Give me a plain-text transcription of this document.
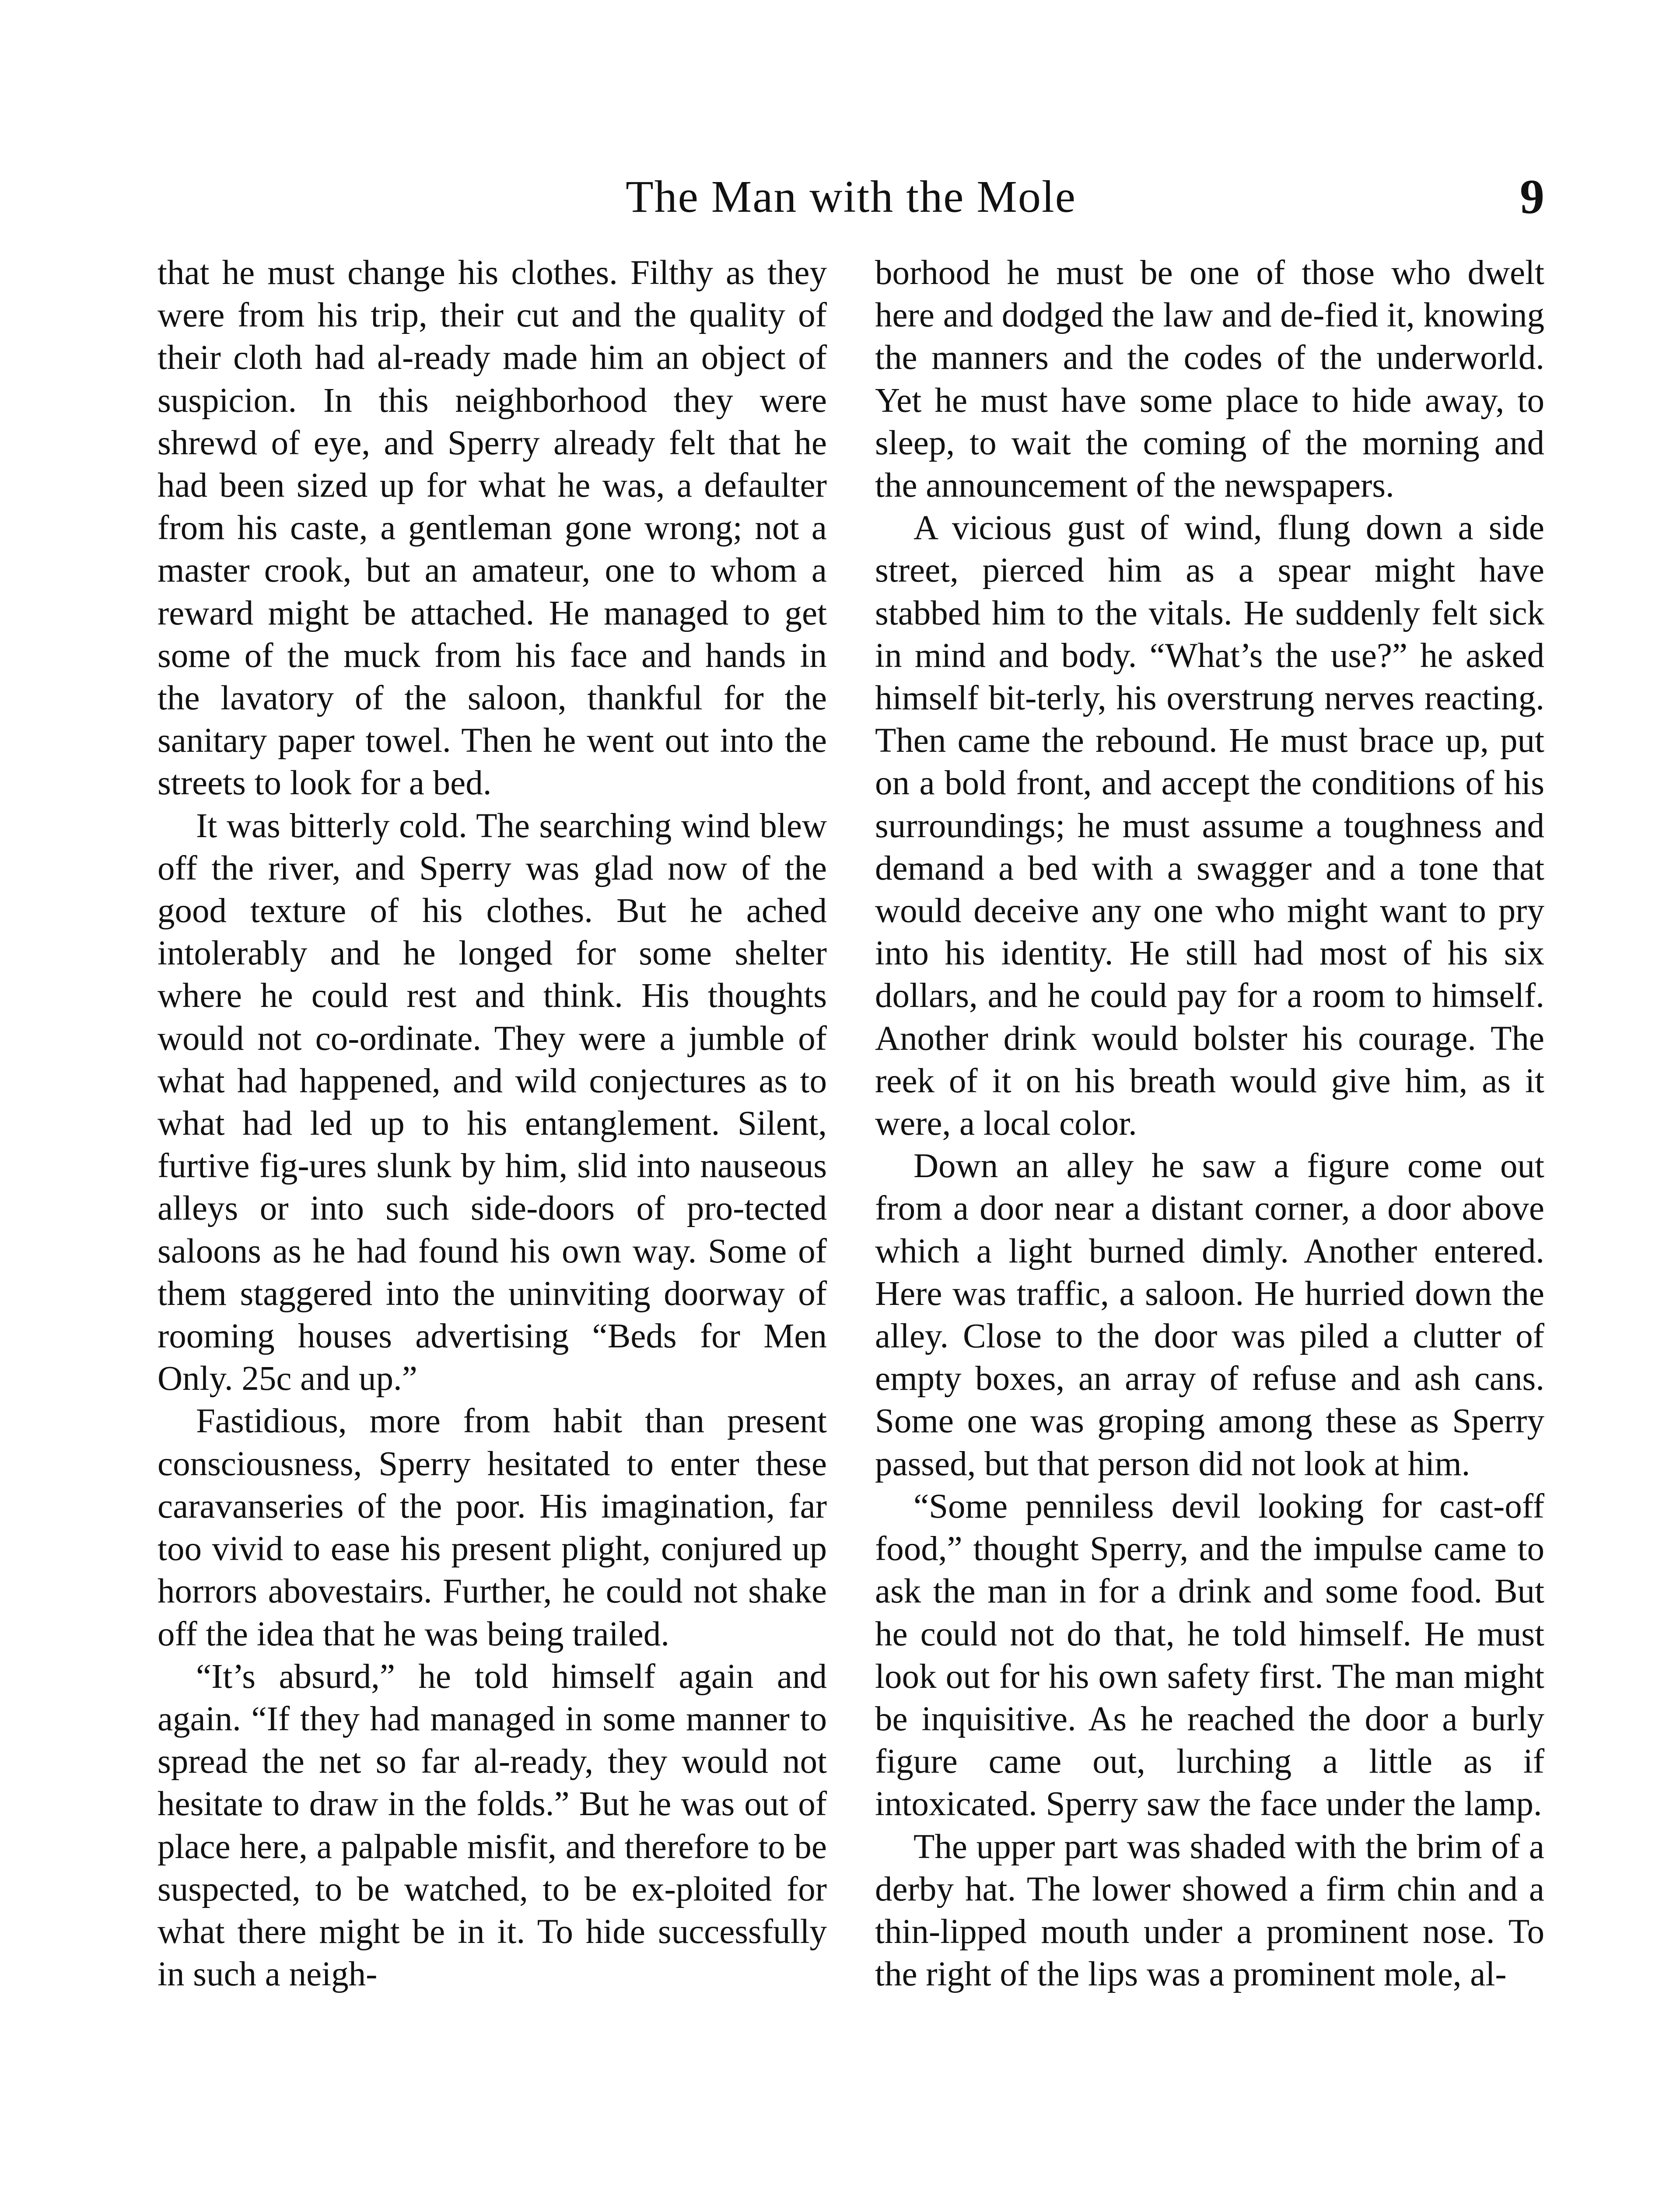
The Man with the Mole	9

that he must change his clothes. Filthy as they were from his trip, their cut and the quality of their cloth had al-ready made him an object of suspicion. In this neighborhood they were shrewd of eye, and Sperry already felt that he had been sized up for what he was, a defaulter from his caste, a gentleman gone wrong; not a master crook, but an amateur, one to whom a reward might be attached. He managed to get some of the muck from his face and hands in the lavatory of the saloon, thankful for the sanitary paper towel. Then he went out into the streets to look for a bed.

It was bitterly cold. The searching wind blew off the river, and Sperry was glad now of the good texture of his clothes. But he ached intolerably and he longed for some shelter where he could rest and think. His thoughts would not co-ordinate. They were a jumble of what had happened, and wild conjectures as to what had led up to his entanglement. Silent, furtive fig-ures slunk by him, slid into nauseous alleys or into such side-doors of pro-tected saloons as he had found his own way. Some of them staggered into the uninviting doorway of rooming houses advertising “Beds for Men Only. 25c and up.”

Fastidious, more from habit than present consciousness, Sperry hesitated to enter these caravanseries of the poor. His imagination, far too vivid to ease his present plight, conjured up horrors abovestairs. Further, he could not shake off the idea that he was being trailed.

“It’s absurd,” he told himself again and again. “If they had managed in some manner to spread the net so far al-ready, they would not hesitate to draw in the folds.” But he was out of place here, a palpable misfit, and therefore to be suspected, to be watched, to be ex-ploited for what there might be in it. To hide successfully in such a neigh-

borhood he must be one of those who dwelt here and dodged the law and de-fied it, knowing the manners and the codes of the underworld. Yet he must have some place to hide away, to sleep, to wait the coming of the morning and the announcement of the newspapers.

A vicious gust of wind, flung down a side street, pierced him as a spear might have stabbed him to the vitals. He suddenly felt sick in mind and body. “What’s the use?” he asked himself bit-terly, his overstrung nerves reacting. Then came the rebound. He must brace up, put on a bold front, and accept the conditions of his surroundings; he must assume a toughness and demand a bed with a swagger and a tone that would deceive any one who might want to pry into his identity. He still had most of his six dollars, and he could pay for a room to himself. Another drink would bolster his courage. The reek of it on his breath would give him, as it were, a local color.

Down an alley he saw a figure come out from a door near a distant corner, a door above which a light burned dimly. Another entered. Here was traffic, a saloon. He hurried down the alley. Close to the door was piled a clutter of empty boxes, an array of refuse and ash cans. Some one was groping among these as Sperry passed, but that person did not look at him.

“Some penniless devil looking for cast-off food,” thought Sperry, and the impulse came to ask the man in for a drink and some food. But he could not do that, he told himself. He must look out for his own safety first. The man might be inquisitive. As he reached the door a burly figure came out, lurching a little as if intoxicated. Sperry saw the face under the lamp.

The upper part was shaded with the brim of a derby hat. The lower showed a firm chin and a thin-lipped mouth under a prominent nose. To the right of the lips was a prominent mole, al-
